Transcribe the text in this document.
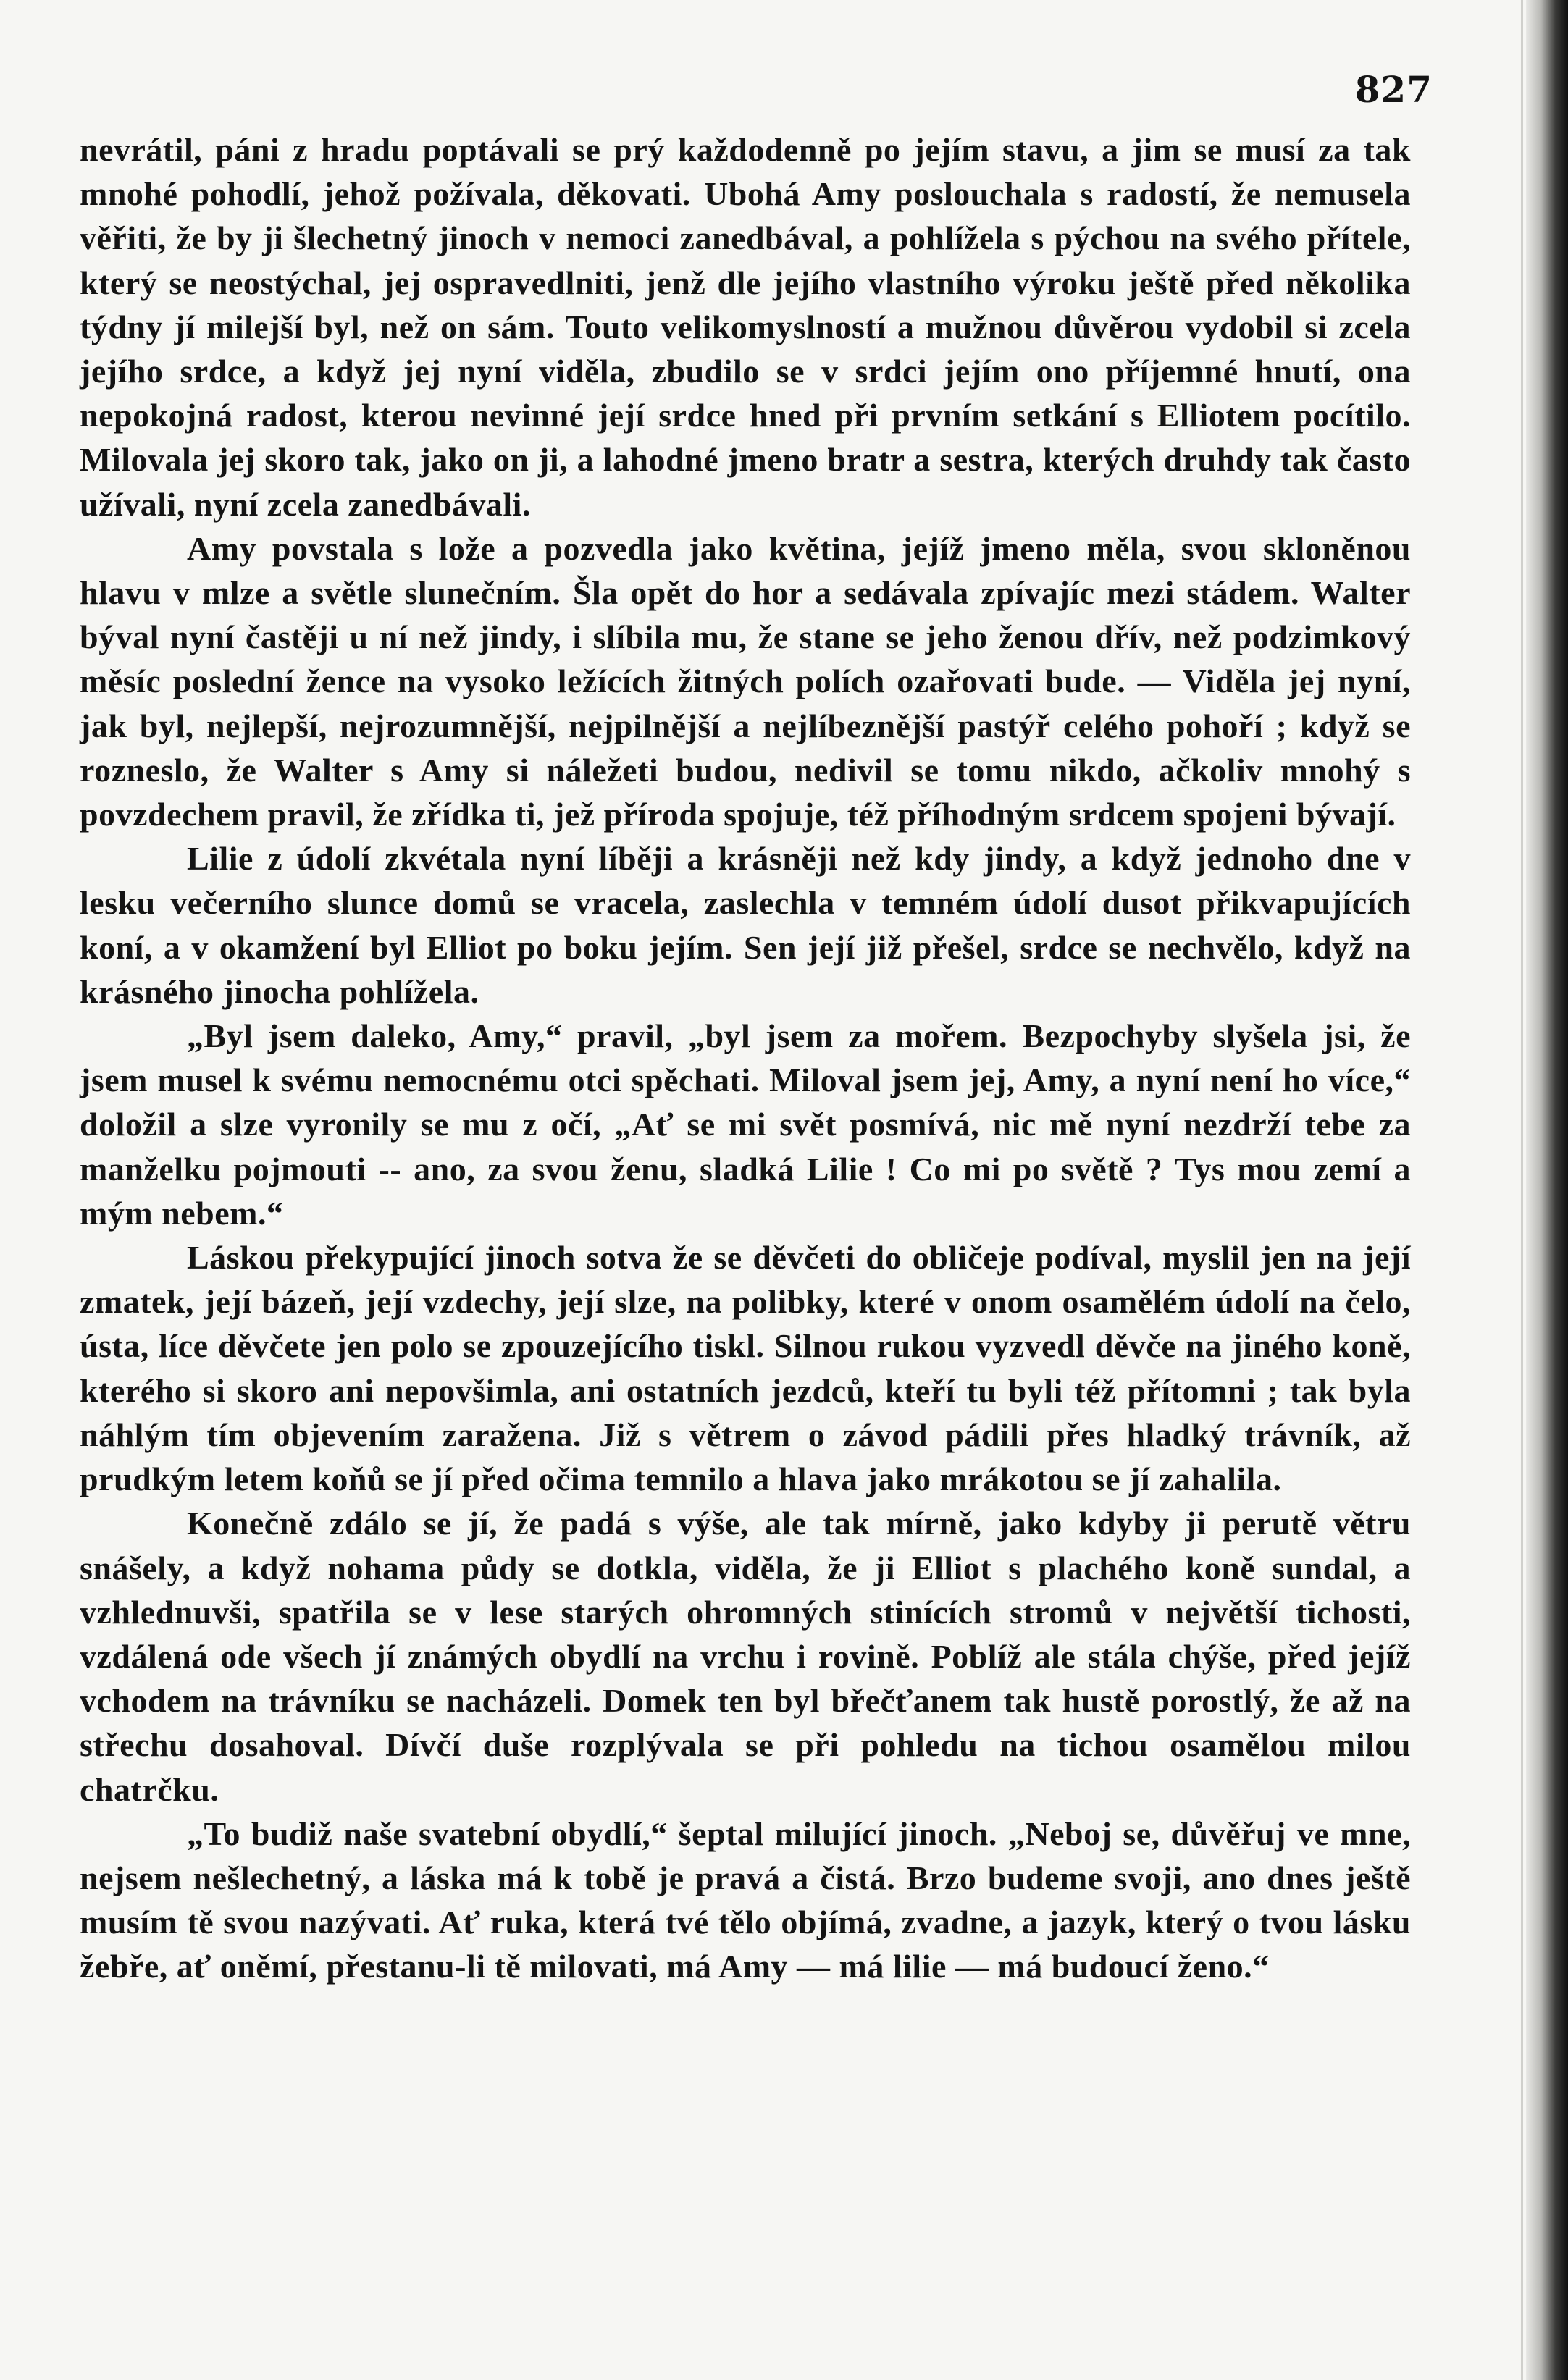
827

nevrátil, páni z hradu poptávali se prý každodenně po jejím stavu, a jim se musí za tak mnohé pohodlí, jehož požívala, děkovati. Ubohá Amy poslouchala s radostí, že nemusela věřiti, že by ji šlechetný jinoch v nemoci zanedbával, a pohlížela s pýchou na svého přítele, který se neostýchal, jej ospravedlniti, jenž dle jejího vlastního výroku ještě před několika týdny jí milejší byl, než on sám. Touto velikomyslností a mužnou důvěrou vydobil si zcela jejího srdce, a když jej nyní viděla, zbudilo se v srdci jejím ono příjemné hnutí, ona nepokojná radost, kterou nevinné její srdce hned při prvním setkání s Elliotem pocítilo. Milovala jej skoro tak, jako on ji, a lahodné jmeno bratr a sestra, kterých druhdy tak často užívali, nyní zcela zanedbávali.

Amy povstala s lože a pozvedla jako květina, jejíž jmeno měla, svou skloněnou hlavu v mlze a světle slunečním. Šla opět do hor a sedávala zpívajíc mezi stádem. Walter býval nyní častěji u ní než jindy, i slíbila mu, že stane se jeho ženou dřív, než podzimkový měsíc poslední žence na vysoko ležících žitných polích ozařovati bude. — Viděla jej nyní, jak byl, nejlepší, nejrozumnější, nejpilnější a nejlíbeznější pastýř celého pohoří ; když se rozneslo, že Walter s Amy si náležeti budou, nedivil se tomu nikdo, ačkoliv mnohý s povzdechem pravil, že zřídka ti, jež příroda spojuje, též příhodným srdcem spojeni bývají.

Lilie z údolí zkvétala nyní líběji a krásněji než kdy jindy, a když jednoho dne v lesku večerního slunce domů se vracela, zaslechla v temném údolí dusot přikvapujících koní, a v okamžení byl Elliot po boku jejím. Sen její již přešel, srdce se nechvělo, když na krásného jinocha pohlížela.

„Byl jsem daleko, Amy,“ pravil, „byl jsem za mořem. Bezpochyby slyšela jsi, že jsem musel k svému nemocnému otci spěchati. Miloval jsem jej, Amy, a nyní není ho více,“ doložil a slze vyronily se mu z očí, „Ať se mi svět posmívá, nic mě nyní nezdrží tebe za manželku pojmouti -- ano, za svou ženu, sladká Lilie ! Co mi po světě ? Tys mou zemí a mým nebem.“

Láskou překypující jinoch sotva že se děvčeti do obličeje podíval, myslil jen na její zmatek, její bázeň, její vzdechy, její slze, na polibky, které v onom osamělém údolí na čelo, ústa, líce děvčete jen polo se zpouzejícího tiskl. Silnou rukou vyzvedl děvče na jiného koně, kterého si skoro ani nepovšimla, ani ostatních jezdců, kteří tu byli též přítomni ; tak byla náhlým tím objevením zaražena. Již s větrem o závod pádili přes hladký trávník, až prudkým letem koňů se jí před očima temnilo a hlava jako mrákotou se jí zahalila.

Konečně zdálo se jí, že padá s výše, ale tak mírně, jako kdyby ji perutě větru snášely, a když nohama půdy se dotkla, viděla, že ji Elliot s plachého koně sundal, a vzhlednuvši, spatřila se v lese starých ohromných stinících stromů v největší tichosti, vzdálená ode všech jí známých obydlí na vrchu i rovině. Poblíž ale stála chýše, před jejíž vchodem na trávníku se nacházeli. Domek ten byl břečťanem tak hustě porostlý, že až na střechu dosahoval. Dívčí duše rozplývala se při pohledu na tichou osamělou milou chatrčku.

„To budiž naše svatební obydlí,“ šeptal milující jinoch. „Neboj se, důvěřuj ve mne, nejsem nešlechetný, a láska má k tobě je pravá a čistá. Brzo budeme svoji, ano dnes ještě musím tě svou nazývati. Ať ruka, která tvé tělo objímá, zvadne, a jazyk, který o tvou lásku žebře, ať oněmí, přestanu-li tě milovati, má Amy — má lilie — má budoucí ženo.“
